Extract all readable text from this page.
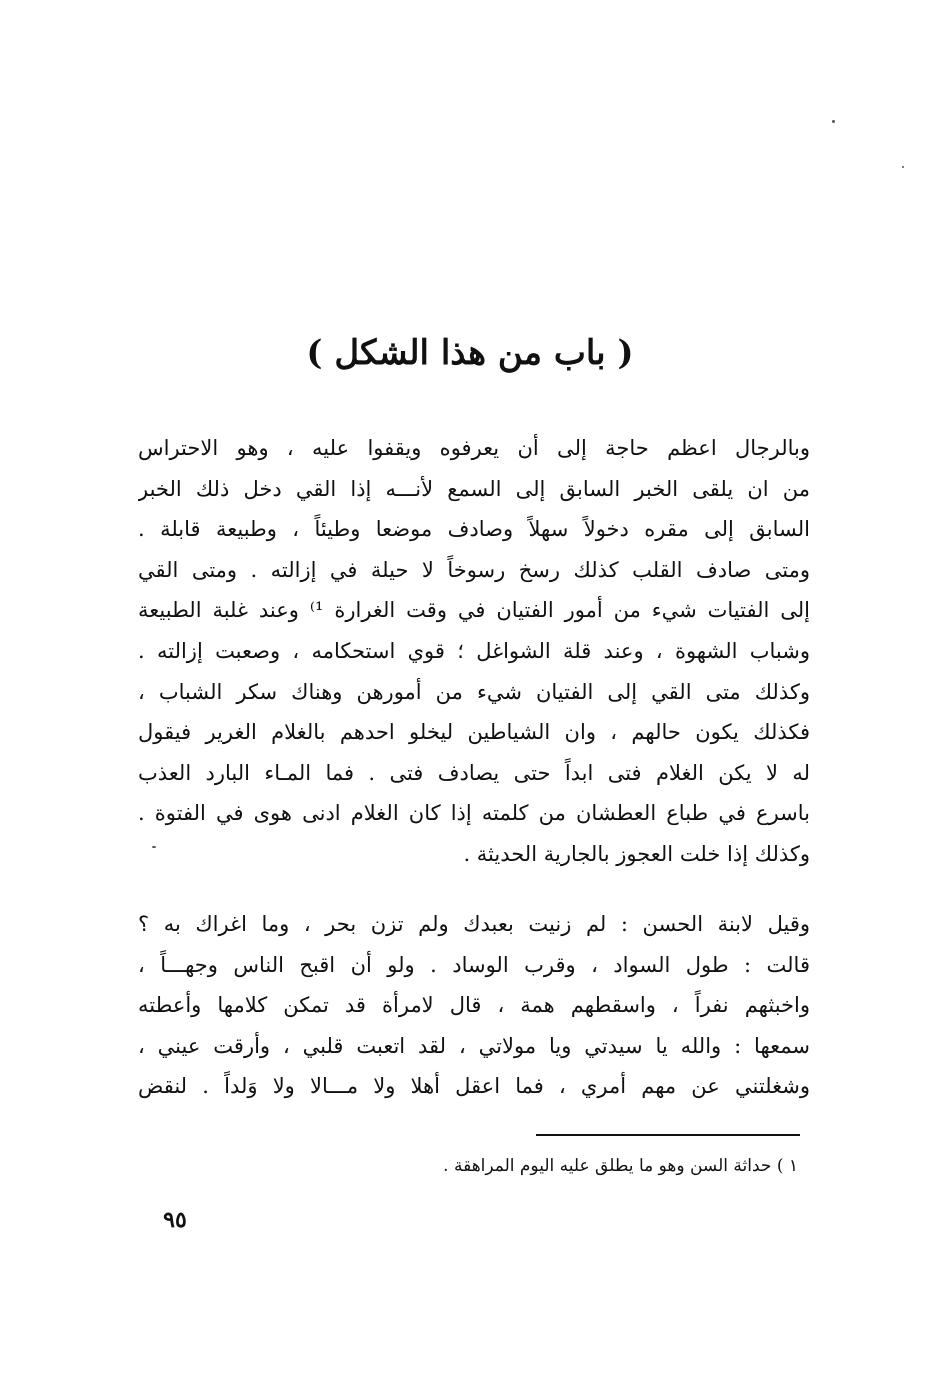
( باب من هذا الشكل )
وبالرجال اعظم حاجة إلى أن يعرفوه ويقفوا عليه ، وهو الاحتراس
من ان يلقى الخبر السابق إلى السمع لأنـــه إذا القي دخل ذلك الخبر
السابق إلى مقره دخولاً سهلاً وصادف موضعا وطيئاً ، وطبيعة قابلة .
ومتى صادف القلب كذلك رسخ رسوخاً لا حيلة في إزالته . ومتى القي
إلى الفتيات شيء من أمور الفتيان في وقت الغرارة ¹⁾ وعند غلبة الطبيعة
وشباب الشهوة ، وعند قلة الشواغل ؛ قوي استحكامه ، وصعبت إزالته .
وكذلك متى القي إلى الفتيان شيء من أمورهن وهناك سكر الشباب ،
فكذلك يكون حالهم ، وان الشياطين ليخلو احدهم بالغلام الغرير فيقول
له لا يكن الغلام فتى ابداً حتى يصادف فتى . فما المـاء البارد العذب
باسرع في طباع العطشان من كلمته إذا كان الغلام ادنى هوى في الفتوة .
وكذلك إذا خلت العجوز بالجارية الحديثة .
وقيل لابنة الحسن : لم زنيت بعبدك ولم تزن بحر ، وما اغراك به ؟
قالت : طول السواد ، وقرب الوساد . ولو أن اقبح الناس وجهـــاً ،
واخبثهم نفراً ، واسقطهم همة ، قال لامرأة قد تمكن كلامها وأعطته
سمعها : والله يا سيدتي ويا مولاتي ، لقد اتعبت قلبي ، وأرقت عيني ،
وشغلتني عن مهم أمري ، فما اعقل أهلا ولا مـــالا ولا وَلداً . لنقض
١ ) حداثة السن وهو ما يطلق عليه اليوم المراهقة .
٩٥
